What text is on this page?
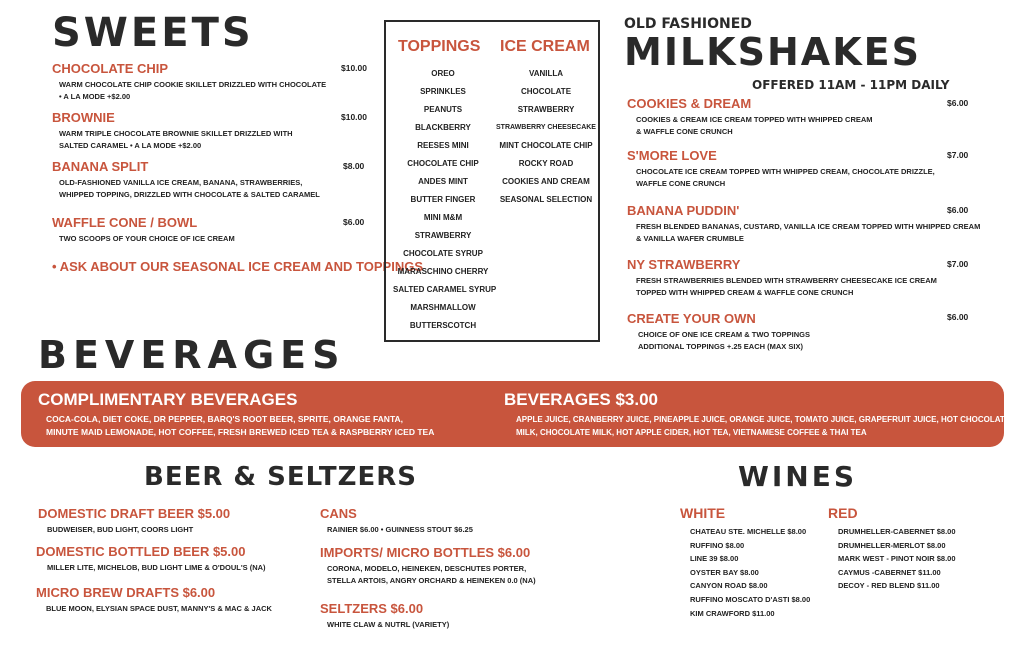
SWEETS
CHOCOLATE CHIP
WARM CHOCOLATE CHIP COOKIE SKILLET DRIZZLED WITH CHOCOLATE
• A LA MODE +$2.00
$10.00
BROWNIE
WARM TRIPLE CHOCOLATE BROWNIE SKILLET DRIZZLED WITH
SALTED CARAMEL • A LA MODE +$2.00
$10.00
BANANA SPLIT
OLD-FASHIONED VANILLA ICE CREAM, BANANA, STRAWBERRIES,
WHIPPED TOPPING, DRIZZLED WITH CHOCOLATE & SALTED CARAMEL
$8.00
WAFFLE CONE / BOWL
TWO SCOOPS OF YOUR CHOICE OF ICE CREAM
$6.00
• ASK ABOUT OUR SEASONAL ICE CREAM AND TOPPINGS
TOPPINGS ICE CREAM
OREO
SPRINKLES
PEANUTS
BLACKBERRY
REESES MINI
CHOCOLATE CHIP
ANDES MINT
BUTTER FINGER
MINI M&M
STRAWBERRY
CHOCOLATE SYRUP
MARASCHINO CHERRY
SALTED CARAMEL SYRUP
MARSHMALLOW
BUTTERSCOTCH
VANILLA
CHOCOLATE
STRAWBERRY
STRAWBERRY CHEESECAKE
MINT CHOCOLATE CHIP
ROCKY ROAD
COOKIES AND CREAM
SEASONAL SELECTION
OLD FASHIONED
MILKSHAKES
OFFERED 11AM - 11PM DAILY
COOKIES & DREAM
COOKIES & CREAM ICE CREAM TOPPED WITH WHIPPED CREAM
& WAFFLE CONE CRUNCH
$6.00
S'MORE LOVE
CHOCOLATE ICE CREAM TOPPED WITH WHIPPED CREAM, CHOCOLATE DRIZZLE,
WAFFLE CONE CRUNCH
$7.00
BANANA PUDDIN'
FRESH BLENDED BANANAS, CUSTARD, VANILLA ICE CREAM TOPPED WITH WHIPPED CREAM
& VANILLA WAFER CRUMBLE
$6.00
NY STRAWBERRY
FRESH STRAWBERRIES BLENDED WITH STRAWBERRY CHEESECAKE ICE CREAM
TOPPED WITH WHIPPED CREAM & WAFFLE CONE CRUNCH
$7.00
CREATE YOUR OWN
CHOICE OF ONE ICE CREAM & TWO TOPPINGS
ADDITIONAL TOPPINGS +.25 EACH (MAX SIX)
$6.00
BEVERAGES
COMPLIMENTARY BEVERAGES
COCA-COLA, DIET COKE, DR PEPPER, BARQ'S ROOT BEER, SPRITE, ORANGE FANTA,
MINUTE MAID LEMONADE, HOT COFFEE, FRESH BREWED ICED TEA & RASPBERRY ICED TEA
BEVERAGES $3.00
APPLE JUICE, CRANBERRY JUICE, PINEAPPLE JUICE, ORANGE JUICE, TOMATO JUICE, GRAPEFRUIT JUICE, HOT CHOCOLATE,
MILK, CHOCOLATE MILK, HOT APPLE CIDER, HOT TEA, VIETNAMESE COFFEE & THAI TEA
BEER & SELTZERS
DOMESTIC DRAFT BEER $5.00
BUDWEISER, BUD LIGHT, COORS LIGHT
DOMESTIC BOTTLED BEER $5.00
MILLER LITE, MICHELOB, BUD LIGHT LIME & O'DOUL'S (NA)
MICRO BREW DRAFTS $6.00
BLUE MOON, ELYSIAN SPACE DUST, MANNY'S & MAC & JACK
CANS
RAINIER $6.00 • GUINNESS STOUT $6.25
IMPORTS/ MICRO BOTTLES $6.00
CORONA, MODELO, HEINEKEN, DESCHUTES PORTER,
STELLA ARTOIS, ANGRY ORCHARD & HEINEKEN 0.0 (NA)
SELTZERS $6.00
WHITE CLAW & NUTRL (VARIETY)
WINES
WHITE
CHATEAU STE. MICHELLE $8.00
RUFFINO $8.00
LINE 39 $8.00
OYSTER BAY $8.00
CANYON ROAD $8.00
RUFFINO MOSCATO D'ASTI $8.00
KIM CRAWFORD $11.00
RED
DRUMHELLER-CABERNET $8.00
DRUMHELLER-MERLOT $8.00
MARK WEST - PINOT NOIR $8.00
CAYMUS -CABERNET $11.00
DECOY - RED BLEND $11.00
